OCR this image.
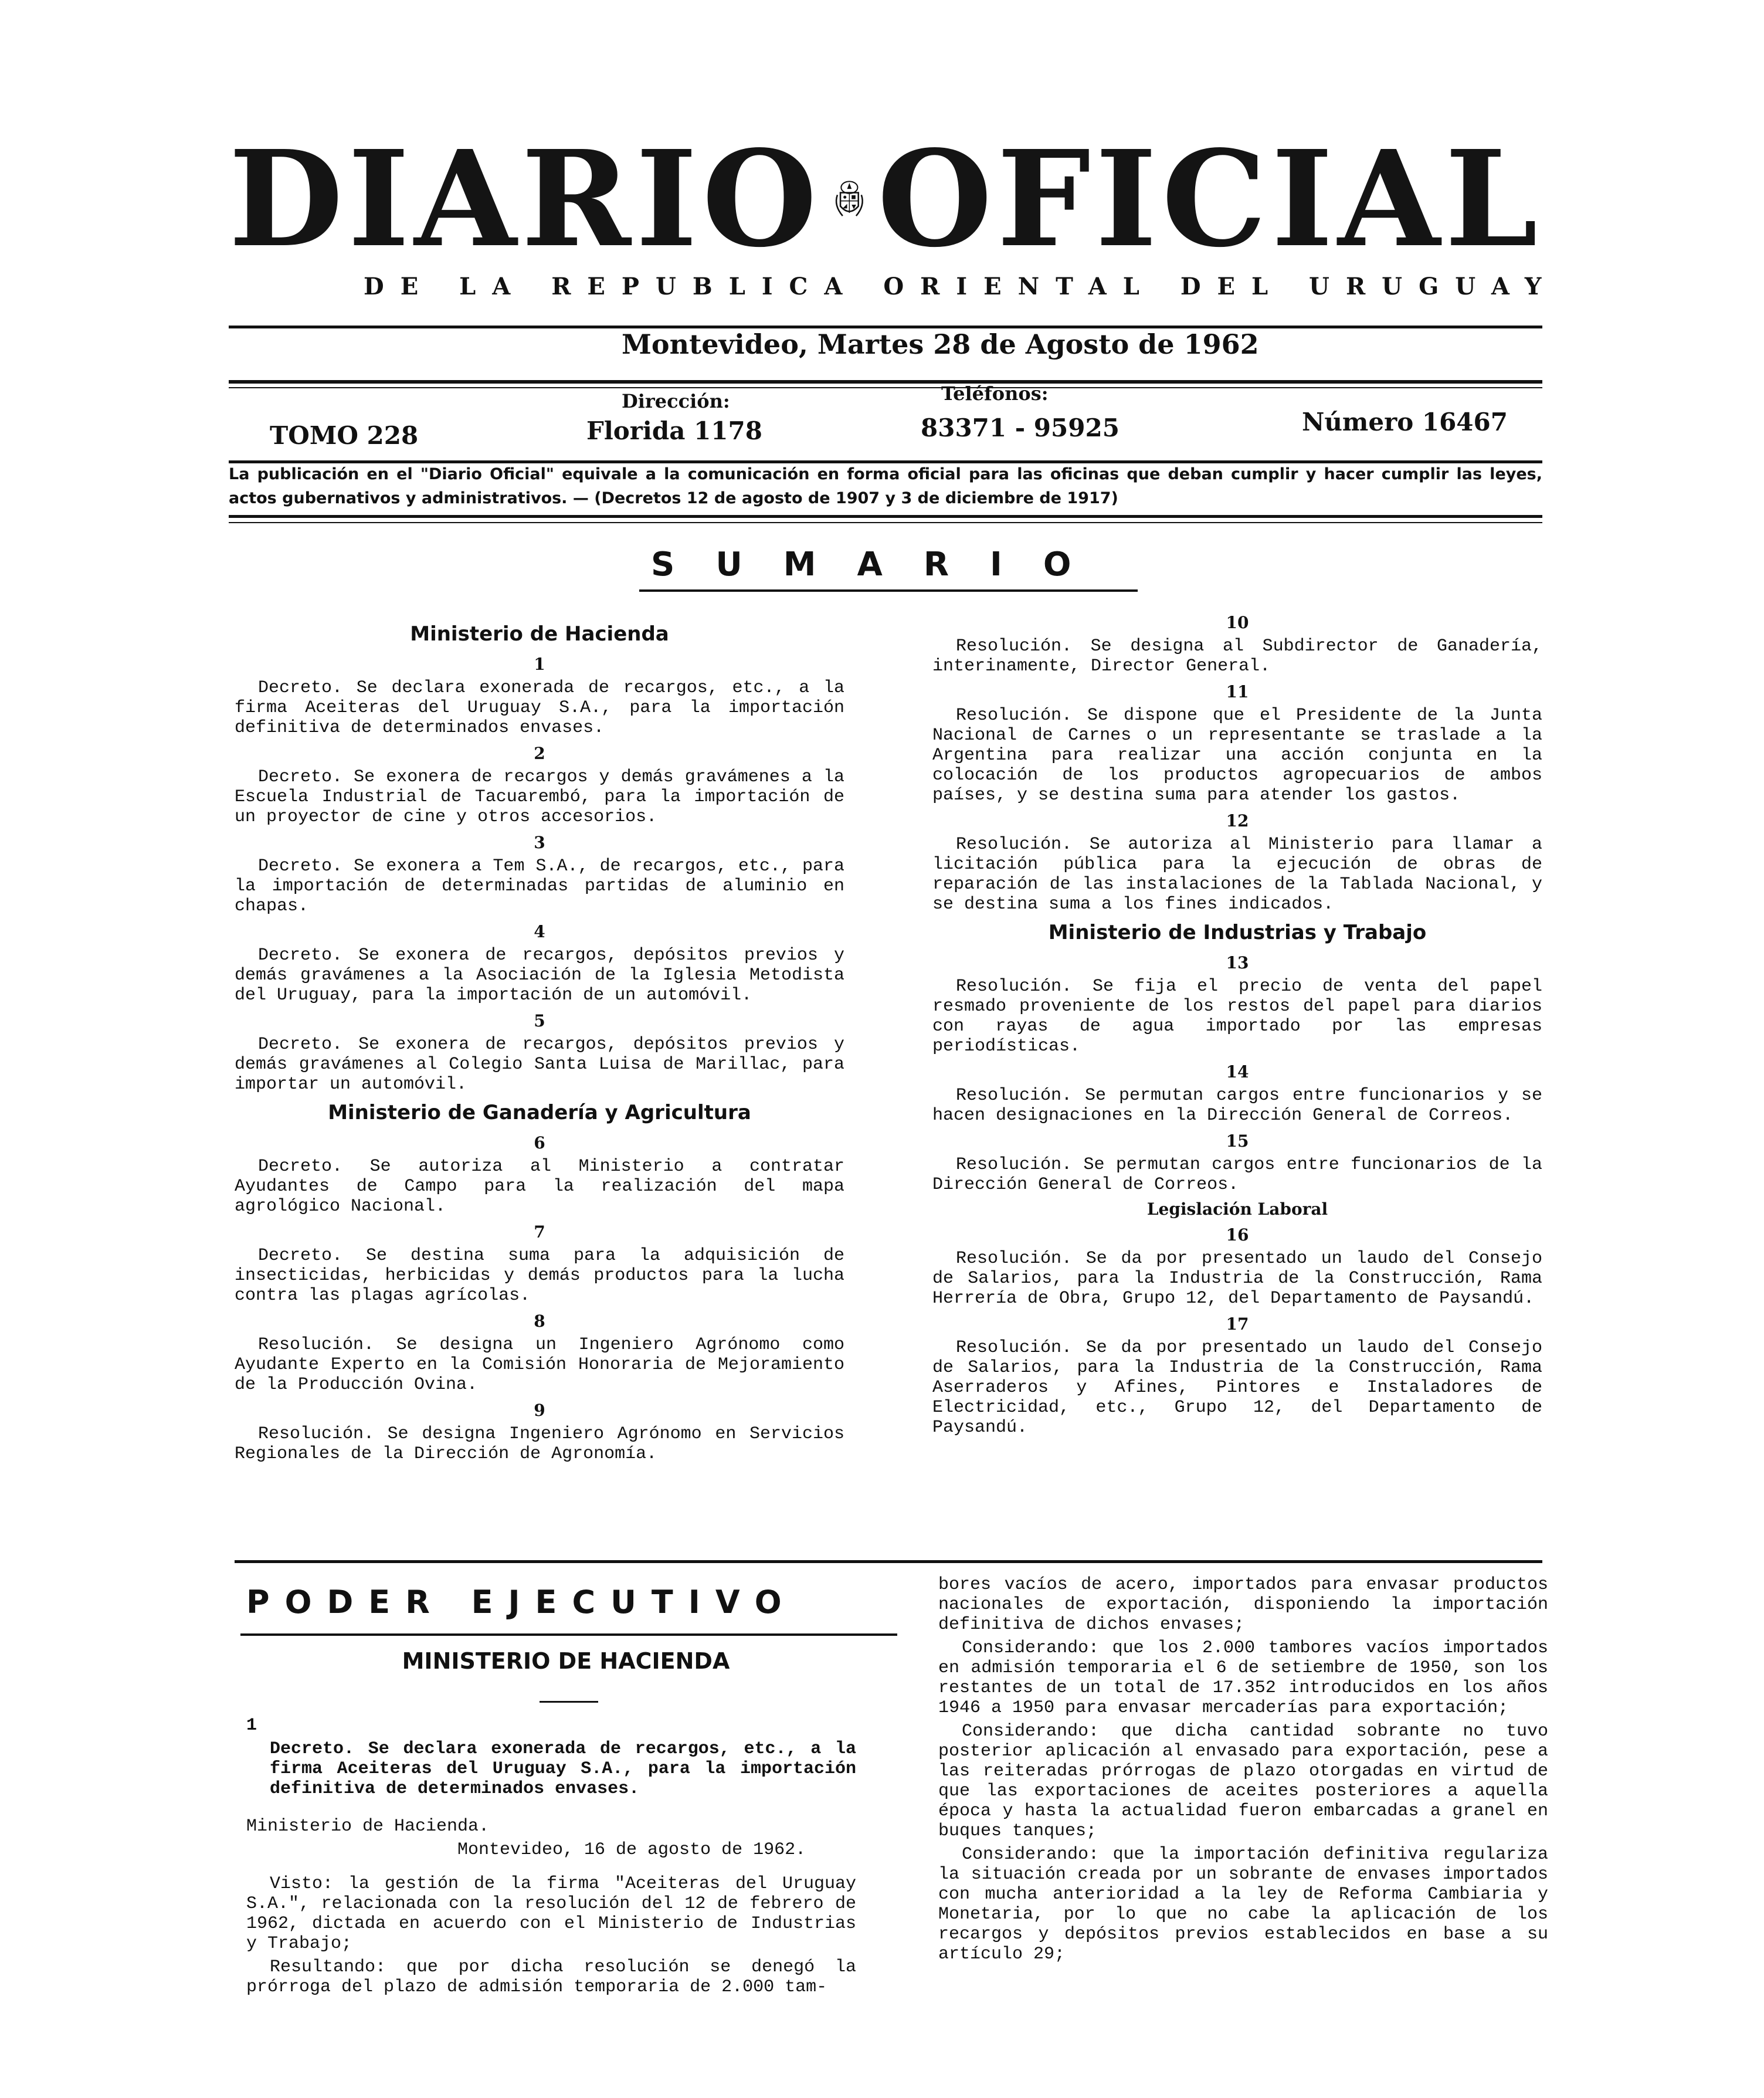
DIARIO OFICIAL
DE LA REPUBLICA ORIENTAL DEL URUGUAY
Montevideo, Martes 28 de Agosto de 1962
TOMO 228
Dirección:
Florida 1178
Teléfonos:
83371 - 95925	Número 16467
La publicación en el "Diario Oficial" equivale a la comunicación en forma oficial para las oficinas que deban cumplir y hacer cumplir las leyes, actos gubernativos y administrativos. — (Decretos 12 de agosto de 1907 y 3 de diciembre de 1917)
SUMARIO
Ministerio de Hacienda
1
Decreto. Se declara exonerada de recargos, etc., a la firma Aceiteras del Uruguay S.A., para la importación definitiva de determinados envases.
2
Decreto. Se exonera de recargos y demás gravámenes a la Escuela Industrial de Tacuarembó, para la importación de un proyector de cine y otros accesorios.
3
Decreto. Se exonera a Tem S.A., de recargos, etc., para la importación de determinadas partidas de aluminio en chapas.
4
Decreto. Se exonera de recargos, depósitos previos y demás gravámenes a la Asociación de la Iglesia Metodista del Uruguay, para la importación de un automóvil.
5
Decreto. Se exonera de recargos, depósitos previos y demás gravámenes al Colegio Santa Luisa de Marillac, para importar un automóvil.
Ministerio de Ganadería y Agricultura
6
Decreto. Se autoriza al Ministerio a contratar Ayudantes de Campo para la realización del mapa agrológico Nacional.
7
Decreto. Se destina suma para la adquisición de insecticidas, herbicidas y demás productos para la lucha contra las plagas agrícolas.
8
Resolución. Se designa un Ingeniero Agrónomo como Ayudante Experto en la Comisión Honoraria de Mejoramiento de la Producción Ovina.
9
Resolución. Se designa Ingeniero Agrónomo en Servicios Regionales de la Dirección de Agronomía.
10
Resolución. Se designa al Subdirector de Ganadería, interinamente, Director General.
11
Resolución. Se dispone que el Presidente de la Junta Nacional de Carnes o un representante se traslade a la Argentina para realizar una acción conjunta en la colocación de los productos agropecuarios de ambos países, y se destina suma para atender los gastos.
12
Resolución. Se autoriza al Ministerio para llamar a licitación pública para la ejecución de obras de reparación de las instalaciones de la Tablada Nacional, y se destina suma a los fines indicados.
Ministerio de Industrias y Trabajo
13
Resolución. Se fija el precio de venta del papel resmado proveniente de los restos del papel para diarios con rayas de agua importado por las empresas periodísticas.
14
Resolución. Se permutan cargos entre funcionarios y se hacen designaciones en la Dirección General de Correos.
15
Resolución. Se permutan cargos entre funcionarios de la Dirección General de Correos.
Legislación Laboral
16
Resolución. Se da por presentado un laudo del Consejo de Salarios, para la Industria de la Construcción, Rama Herrería de Obra, Grupo 12, del Departamento de Paysandú.
17
Resolución. Se da por presentado un laudo del Consejo de Salarios, para la Industria de la Construcción, Rama Aserraderos y Afines, Pintores e Instaladores de Electricidad, etc., Grupo 12, del Departamento de Paysandú.
PODER EJECUTIVO
MINISTERIO DE HACIENDA

1

Decreto. Se declara exonerada de recargos, etc., a la firma Aceiteras del Uruguay S.A., para la importación definitiva de determinados envases.

Ministerio de Hacienda.

Montevideo, 16 de agosto de 1962.

Visto: la gestión de la firma "Aceiteras del Uruguay S.A.", relacionada con la resolución del 12 de febrero de 1962, dictada en acuerdo con el Ministerio de Industrias y Trabajo;

Resultando: que por dicha resolución se denegó la prórroga del plazo de admisión temporaria de 2.000 tam-

bores vacíos de acero, importados para envasar productos nacionales de exportación, disponiendo la importación definitiva de dichos envases;

Considerando: que los 2.000 tambores vacíos importados en admisión temporaria el 6 de setiembre de 1950, son los restantes de un total de 17.352 introducidos en los años 1946 a 1950 para envasar mercaderías para exportación;

Considerando: que dicha cantidad sobrante no tuvo posterior aplicación al envasado para exportación, pese a las reiteradas prórrogas de plazo otorgadas en virtud de que las exportaciones de aceites posteriores a aquella época y hasta la actualidad fueron embarcadas a granel en buques tanques;

Considerando: que la importación definitiva regulariza la situación creada por un sobrante de envases importados con mucha anterioridad a la ley de Reforma Cambiaria y Monetaria, por lo que no cabe la aplicación de los recargos y depósitos previos establecidos en base a su artículo 29;
